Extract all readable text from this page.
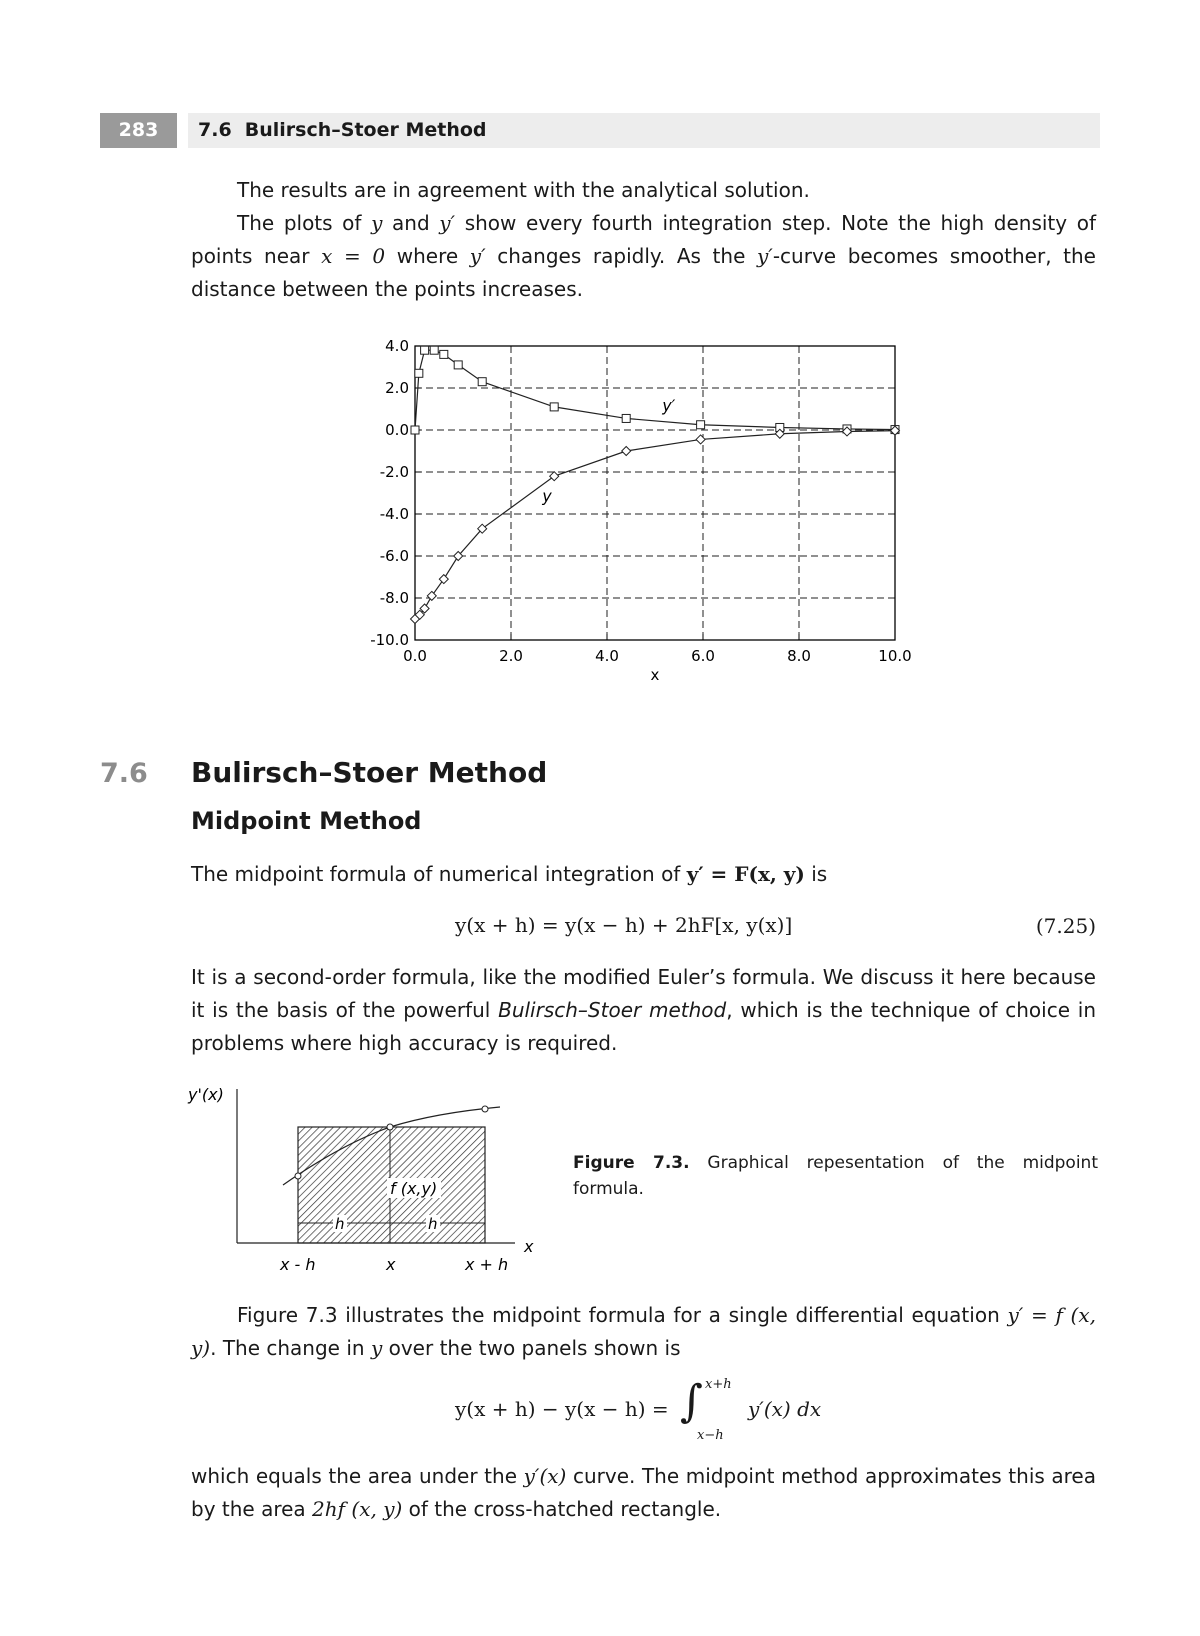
283	7.6 Bulirsch–Stoer Method
The results are in agreement with the analytical solution.
The plots of y and y′ show every fourth integration step. Note the high density of points near x = 0 where y′ changes rapidly. As the y′-curve becomes smoother, the distance between the points increases.
0.0	2.0	4.0	6.0	8.0	10.0
4.0
2.0
0.0
-2.0
-4.0
-6.0
-8.0
-10.0
x
y′
y
7.6 Bulirsch–Stoer Method
Midpoint Method
The midpoint formula of numerical integration of y′ = F(x, y) is
y(x + h) = y(x − h) + 2hF[x, y(x)]	(7.25)
It is a second-order formula, like the modified Euler’s formula. We discuss it here because it is the basis of the powerful Bulirsch–Stoer method, which is the technique of choice in problems where high accuracy is required.
f (x,y)
h	h
y'(x)
x
x - h	x	x + h
Figure 7.3. Graphical repesentation of the midpoint formula.
Figure 7.3 illustrates the midpoint formula for a single differential equation y′ = f (x, y). The change in y over the two panels shown is
y(x + h) − y(x − h) = ∫ x+h
x−h
y′(x) dx
which equals the area under the y′(x) curve. The midpoint method approximates this area by the area 2hf (x, y) of the cross-hatched rectangle.
